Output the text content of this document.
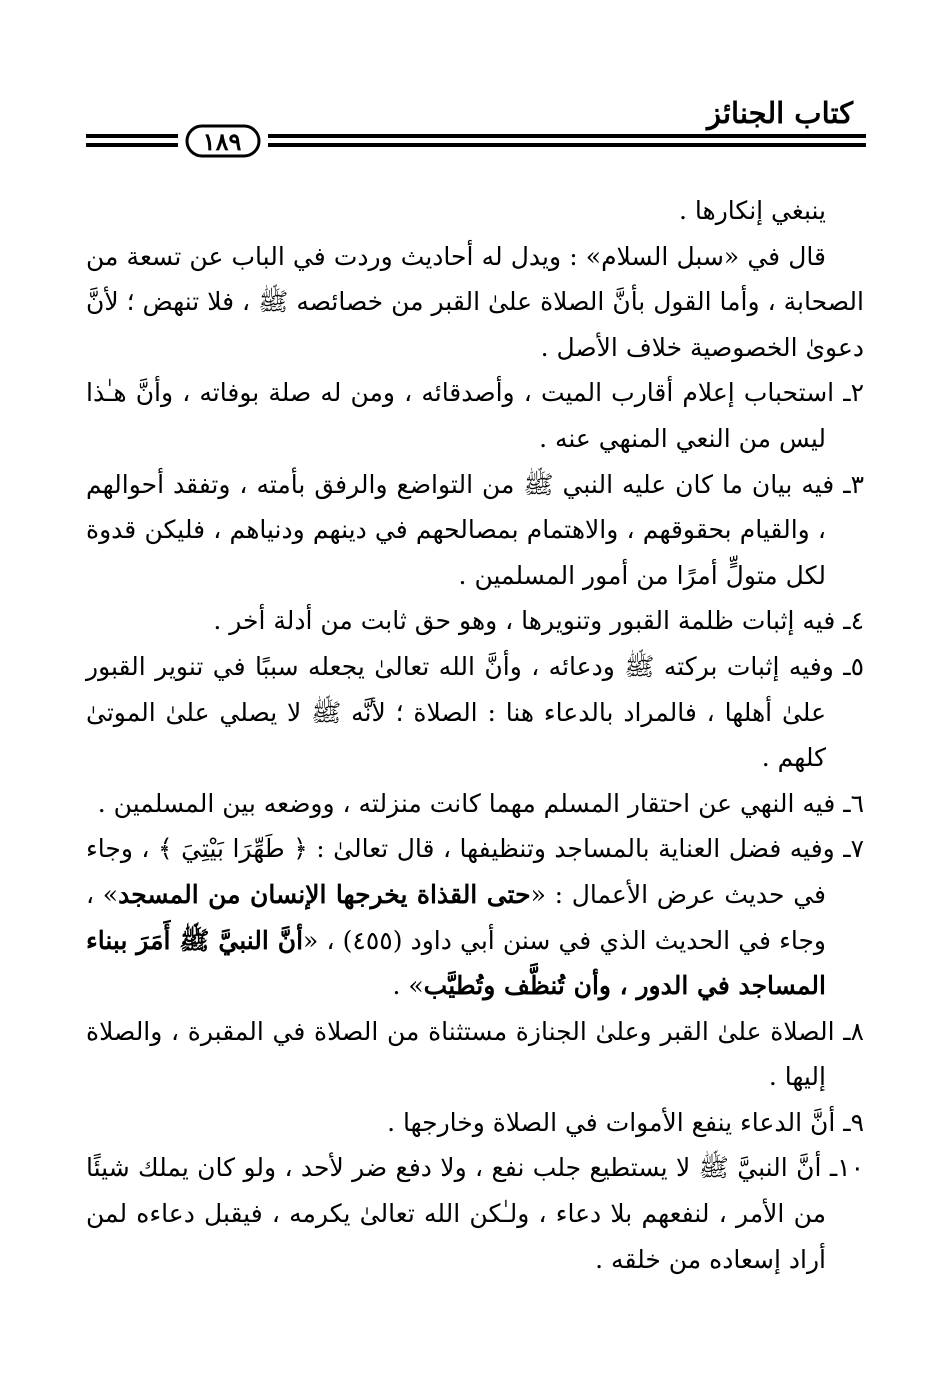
كتاب الجنائز
١٨٩

ينبغي إنكارها .

قال في «سبل السلام» : ويدل له أحاديث وردت في الباب عن تسعة من الصحابة ، وأما القول بأنَّ الصلاة علىٰ القبر من خصائصه ﷺ ، فلا تنهض ؛ لأنَّ دعوىٰ الخصوصية خلاف الأصل .

٢ـ استحباب إعلام أقارب الميت ، وأصدقائه ، ومن له صلة بوفاته ، وأنَّ هـٰذا ليس من النعي المنهي عنه .

٣ـ فيه بيان ما كان عليه النبي ﷺ من التواضع والرفق بأمته ، وتفقد أحوالهم ، والقيام بحقوقهم ، والاهتمام بمصالحهم في دينهم ودنياهم ، فليكن قدوة لكل متولٍّ أمرًا من أمور المسلمين .

٤ـ فيه إثبات ظلمة القبور وتنويرها ، وهو حق ثابت من أدلة أخر .

٥ـ وفيه إثبات بركته ﷺ ودعائه ، وأنَّ الله تعالىٰ يجعله سببًا في تنوير القبور علىٰ أهلها ، فالمراد بالدعاء هنا : الصلاة ؛ لأنَّه ﷺ لا يصلي علىٰ الموتىٰ كلهم .

٦ـ فيه النهي عن احتقار المسلم مهما كانت منزلته ، ووضعه بين المسلمين .

٧ـ وفيه فضل العناية بالمساجد وتنظيفها ، قال تعالىٰ : ﴿ طَهِّرَا بَيْتِيَ ﴾ ، وجاء في حديث عرض الأعمال : «حتى القذاة يخرجها الإنسان من المسجد» ، وجاء في الحديث الذي في سنن أبي داود (٤٥٥) ، «أنَّ النبيَّ ﷺ أَمَرَ ببناء المساجد في الدور ، وأن تُنظَّف وتُطيَّب» .

٨ـ الصلاة علىٰ القبر وعلىٰ الجنازة مستثناة من الصلاة في المقبرة ، والصلاة إليها .

٩ـ أنَّ الدعاء ينفع الأموات في الصلاة وخارجها .

١٠ـ أنَّ النبيَّ ﷺ لا يستطيع جلب نفع ، ولا دفع ضر لأحد ، ولو كان يملك شيئًا من الأمر ، لنفعهم بلا دعاء ، ولـٰكن الله تعالىٰ يكرمه ، فيقبل دعاءه لمن أراد إسعاده من خلقه .
